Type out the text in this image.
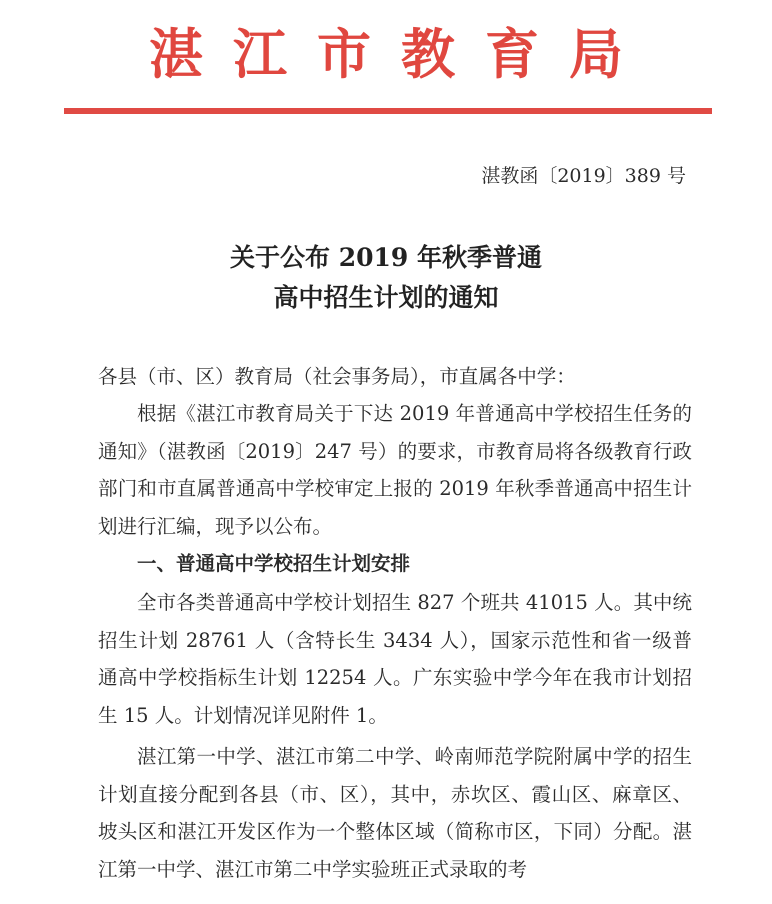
湛江市教育局
湛教函〔2019〕389 号
关于公布 2019 年秋季普通
高中招生计划的通知

各县（市、区）教育局（社会事务局），市直属各中学：

根据《湛江市教育局关于下达 2019 年普通高中学校招生任务的通知》（湛教函〔2019〕247 号）的要求，市教育局将各级教育行政部门和市直属普通高中学校审定上报的 2019 年秋季普通高中招生计划进行汇编，现予以公布。

一、普通高中学校招生计划安排

全市各类普通高中学校计划招生 827 个班共 41015 人。其中统招生计划 28761 人（含特长生 3434 人），国家示范性和省一级普通高中学校指标生计划 12254 人。广东实验中学今年在我市计划招生 15 人。计划情况详见附件 1。

湛江第一中学、湛江市第二中学、岭南师范学院附属中学的招生计划直接分配到各县（市、区），其中，赤坎区、霞山区、麻章区、坡头区和湛江开发区作为一个整体区域（简称市区，下同）分配。湛江第一中学、湛江市第二中学实验班正式录取的考
